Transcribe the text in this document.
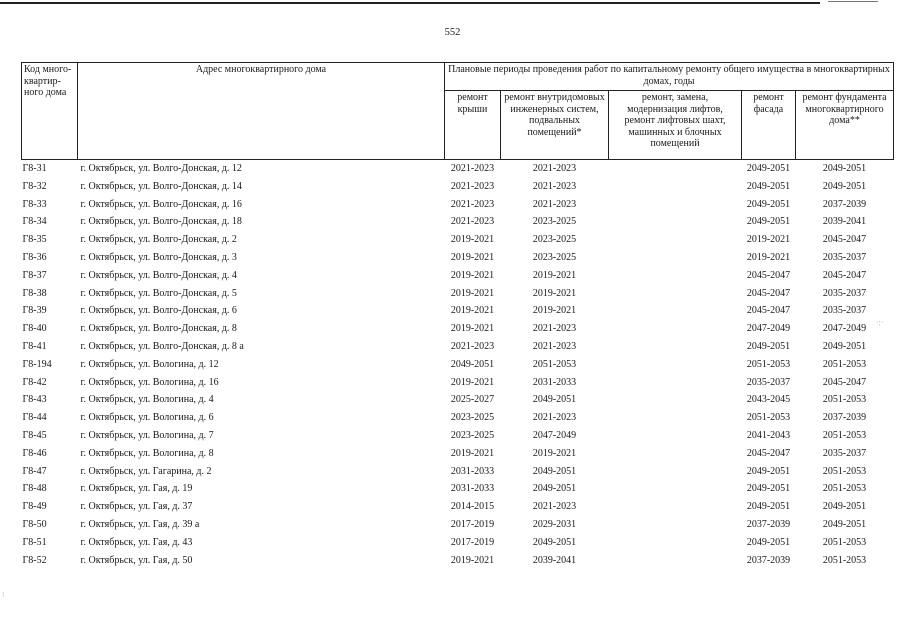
552
Код много-квартир-ного дома	Адрес многоквартирного дома	Плановые периоды проведения работ по капитальному ремонту общего имущества в многоквартирных домах, годы				
		ремонт крыши	ремонт внутридомовых инженерных систем, подвальных помещений*	ремонт, замена, модернизация лифтов, ремонт лифтовых шахт, машинных и блочных помещений	ремонт фасада	ремонт фундамента многоквартирного дома**
Г8-31	г. Октябрьск, ул. Волго-Донская, д. 12	2021-2023	2021-2023		2049-2051	2049-2051
Г8-32	г. Октябрьск, ул. Волго-Донская, д. 14	2021-2023	2021-2023		2049-2051	2049-2051
Г8-33	г. Октябрьск, ул. Волго-Донская, д. 16	2021-2023	2021-2023		2049-2051	2037-2039
Г8-34	г. Октябрьск, ул. Волго-Донская, д. 18	2021-2023	2023-2025		2049-2051	2039-2041
Г8-35	г. Октябрьск, ул. Волго-Донская, д. 2	2019-2021	2023-2025		2019-2021	2045-2047
Г8-36	г. Октябрьск, ул. Волго-Донская, д. 3	2019-2021	2023-2025		2019-2021	2035-2037
Г8-37	г. Октябрьск, ул. Волго-Донская, д. 4	2019-2021	2019-2021		2045-2047	2045-2047
Г8-38	г. Октябрьск, ул. Волго-Донская, д. 5	2019-2021	2019-2021		2045-2047	2035-2037
Г8-39	г. Октябрьск, ул. Волго-Донская, д. 6	2019-2021	2019-2021		2045-2047	2035-2037
Г8-40	г. Октябрьск, ул. Волго-Донская, д. 8	2019-2021	2021-2023		2047-2049	2047-2049
Г8-41	г. Октябрьск, ул. Волго-Донская, д. 8 а	2021-2023	2021-2023		2049-2051	2049-2051
Г8-194	г. Октябрьск, ул. Вологина, д. 12	2049-2051	2051-2053		2051-2053	2051-2053
Г8-42	г. Октябрьск, ул. Вологина, д. 16	2019-2021	2031-2033		2035-2037	2045-2047
Г8-43	г. Октябрьск, ул. Вологина, д. 4	2025-2027	2049-2051		2043-2045	2051-2053
Г8-44	г. Октябрьск, ул. Вологина, д. 6	2023-2025	2021-2023		2051-2053	2037-2039
Г8-45	г. Октябрьск, ул. Вологина, д. 7	2023-2025	2047-2049		2041-2043	2051-2053
Г8-46	г. Октябрьск, ул. Вологина, д. 8	2019-2021	2019-2021		2045-2047	2035-2037
Г8-47	г. Октябрьск, ул. Гагарина, д. 2	2031-2033	2049-2051		2049-2051	2051-2053
Г8-48	г. Октябрьск, ул. Гая, д. 19	2031-2033	2049-2051		2049-2051	2051-2053
Г8-49	г. Октябрьск, ул. Гая, д. 37	2014-2015	2021-2023		2049-2051	2049-2051
Г8-50	г. Октябрьск, ул. Гая, д. 39 а	2017-2019	2029-2031		2037-2039	2049-2051
Г8-51	г. Октябрьск, ул. Гая, д. 43	2017-2019	2049-2051		2049-2051	2051-2053
Г8-52	г. Октябрьск, ул. Гая, д. 50	2019-2021	2039-2041		2037-2039	2051-2053
·:·
⁝
